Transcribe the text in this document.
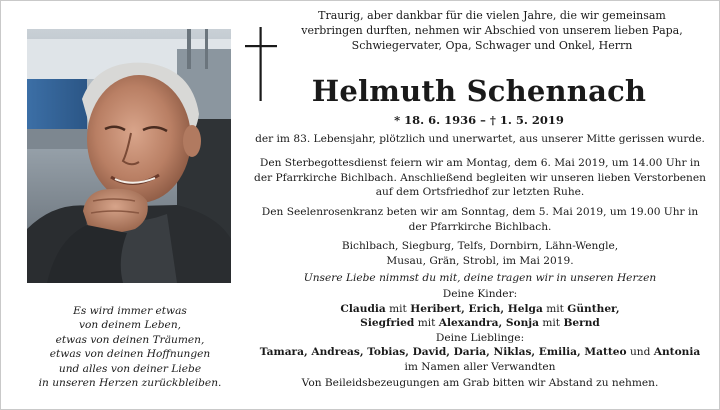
Traurig, aber dankbar für die vielen Jahre, die wir gemeinsam
verbringen durften, nehmen wir Abschied von unserem lieben Papa,
Schwiegervater, Opa, Schwager und Onkel, Herrn
Helmuth Schennach
* 18. 6. 1936 – † 1. 5. 2019
der im 83. Lebensjahr, plötzlich und unerwartet, aus unserer Mitte gerissen wurde.
Den Sterbegottesdienst feiern wir am Montag, dem 6. Mai 2019, um 14.00 Uhr in
der Pfarrkirche Bichlbach. Anschließend begleiten wir unseren lieben Verstorbenen
auf dem Ortsfriedhof zur letzten Ruhe.
Den Seelenrosenkranz beten wir am Sonntag, dem 5. Mai 2019, um 19.00 Uhr in
der Pfarrkirche Bichlbach.
Bichlbach, Siegburg, Telfs, Dornbirn, Lähn-Wengle,
Musau, Grän, Strobl, im Mai 2019.
Unsere Liebe nimmst du mit, deine tragen wir in unseren Herzen
Deine Kinder:
Claudia mit Heribert, Erich, Helga mit Günther,
Siegfried mit Alexandra, Sonja mit Bernd
Deine Lieblinge:
Tamara, Andreas, Tobias, David, Daria, Niklas, Emilia, Matteo und Antonia
im Namen aller Verwandten
Von Beileidsbezeugungen am Grab bitten wir Abstand zu nehmen.
Es wird immer etwas
von deinem Leben,
etwas von deinen Träumen,
etwas von deinen Hoffnungen
und alles von deiner Liebe
in unseren Herzen zurückbleiben.
